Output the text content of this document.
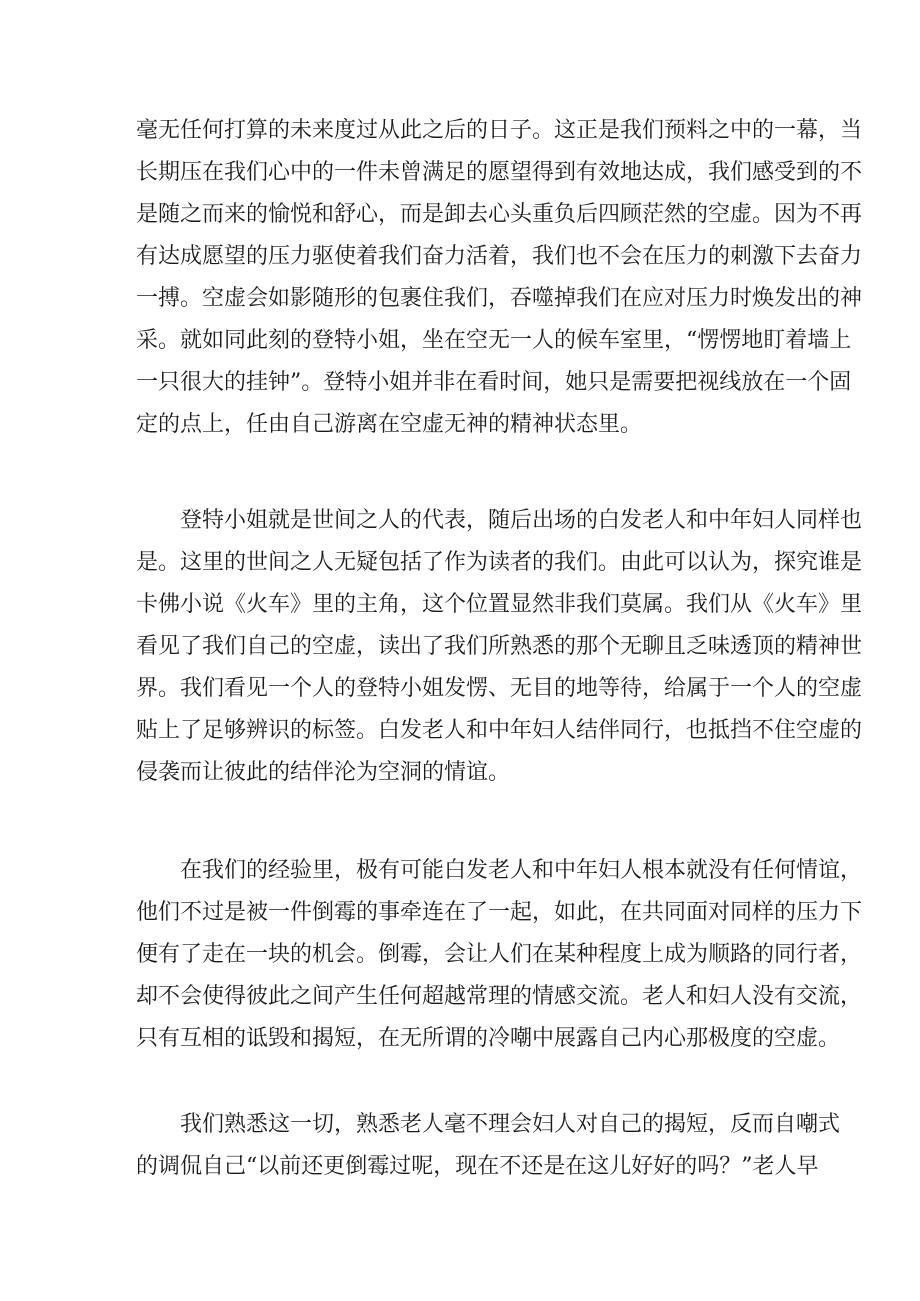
毫无任何打算的未来度过从此之后的日子。这正是我们预料之中的一幕，当
长期压在我们心中的一件未曾满足的愿望得到有效地达成，我们感受到的不
是随之而来的愉悦和舒心，而是卸去心头重负后四顾茫然的空虚。因为不再
有达成愿望的压力驱使着我们奋力活着，我们也不会在压力的刺激下去奋力
一搏。空虚会如影随形的包裹住我们，吞噬掉我们在应对压力时焕发出的神
采。就如同此刻的登特小姐，坐在空无一人的候车室里，“愣愣地盯着墙上
一只很大的挂钟”。登特小姐并非在看时间，她只是需要把视线放在一个固
定的点上，任由自己游离在空虚无神的精神状态里。
登特小姐就是世间之人的代表，随后出场的白发老人和中年妇人同样也
是。这里的世间之人无疑包括了作为读者的我们。由此可以认为，探究谁是
卡佛小说《火车》里的主角，这个位置显然非我们莫属。我们从《火车》里
看见了我们自己的空虚，读出了我们所熟悉的那个无聊且乏味透顶的精神世
界。我们看见一个人的登特小姐发愣、无目的地等待，给属于一个人的空虚
贴上了足够辨识的标签。白发老人和中年妇人结伴同行，也抵挡不住空虚的
侵袭而让彼此的结伴沦为空洞的情谊。
在我们的经验里，极有可能白发老人和中年妇人根本就没有任何情谊，
他们不过是被一件倒霉的事牵连在了一起，如此，在共同面对同样的压力下
便有了走在一块的机会。倒霉，会让人们在某种程度上成为顺路的同行者，
却不会使得彼此之间产生任何超越常理的情感交流。老人和妇人没有交流，
只有互相的诋毁和揭短，在无所谓的冷嘲中展露自己内心那极度的空虚。
我们熟悉这一切，熟悉老人毫不理会妇人对自己的揭短，反而自嘲式
的调侃自己“以前还更倒霉过呢，现在不还是在这儿好好的吗？”老人早
